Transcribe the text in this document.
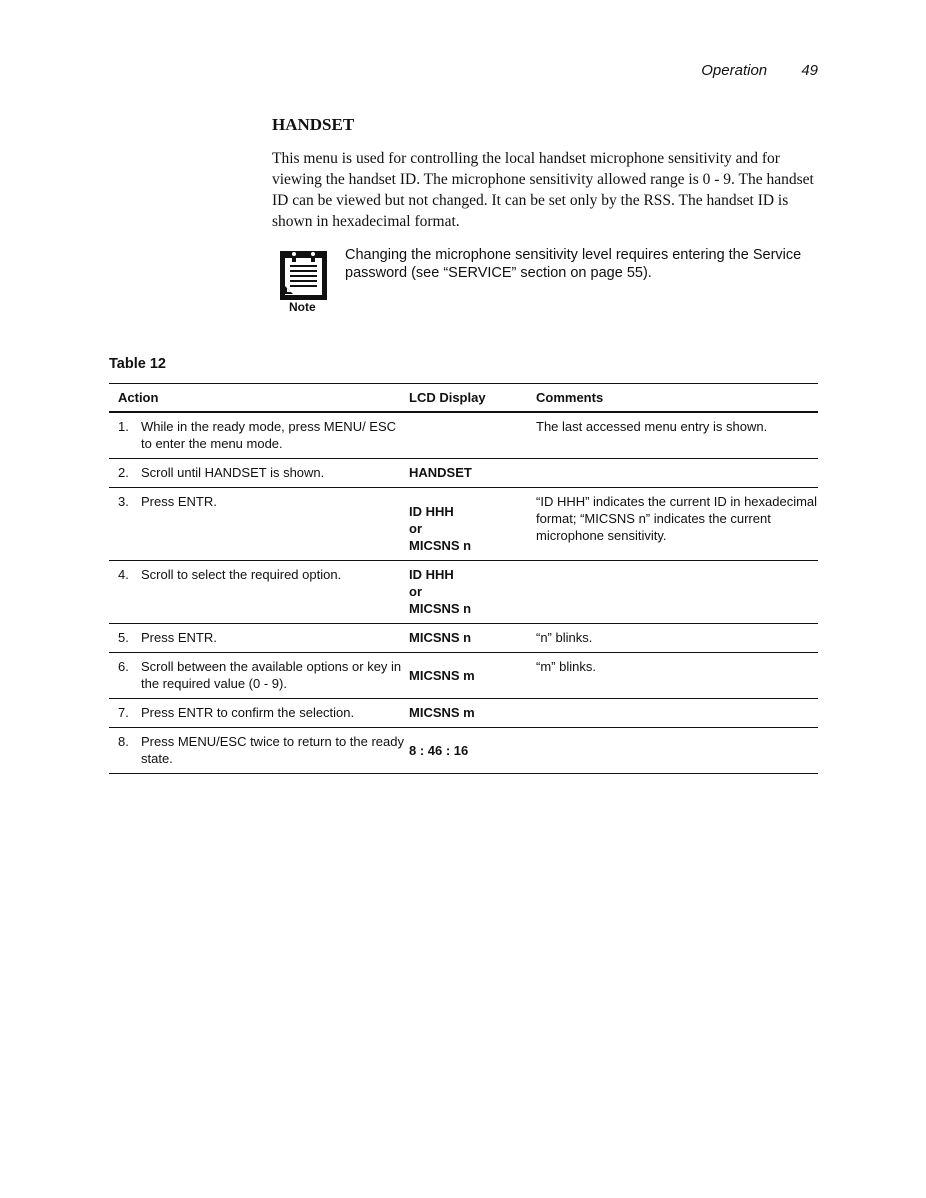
Operation 49
HANDSET

This menu is used for controlling the local handset microphone sensitivity and for viewing the handset ID. The microphone sensitivity allowed range is 0 - 9. The handset ID can be viewed but not changed. It can be set only by the RSS. The handset ID is shown in hexadecimal format.

Note

Changing the microphone sensitivity level requires entering the Service password (see “SERVICE” section on page 55).

Table 12

Action	LCD Display	Comments

1. While in the ready mode, press MENU/ ESC to enter the menu mode.		The last accessed menu entry is shown.

2. Scroll until HANDSET is shown.	HANDSET	

3. Press ENTR.	ID HHH
or
MICSNS n	“ID HHH” indicates the current ID in hexadecimal format; “MICSNS n” indicates the current microphone sensitivity.

4. Scroll to select the required option.	ID HHH
or
MICSNS n	

5. Press ENTR.	MICSNS n	“n” blinks.

6. Scroll between the available options or key in the required value (0 - 9).	MICSNS m	“m” blinks.

7. Press ENTR to confirm the selection.	MICSNS m	

8. Press MENU/ESC twice to return to the ready state.	8 : 46 : 16	
